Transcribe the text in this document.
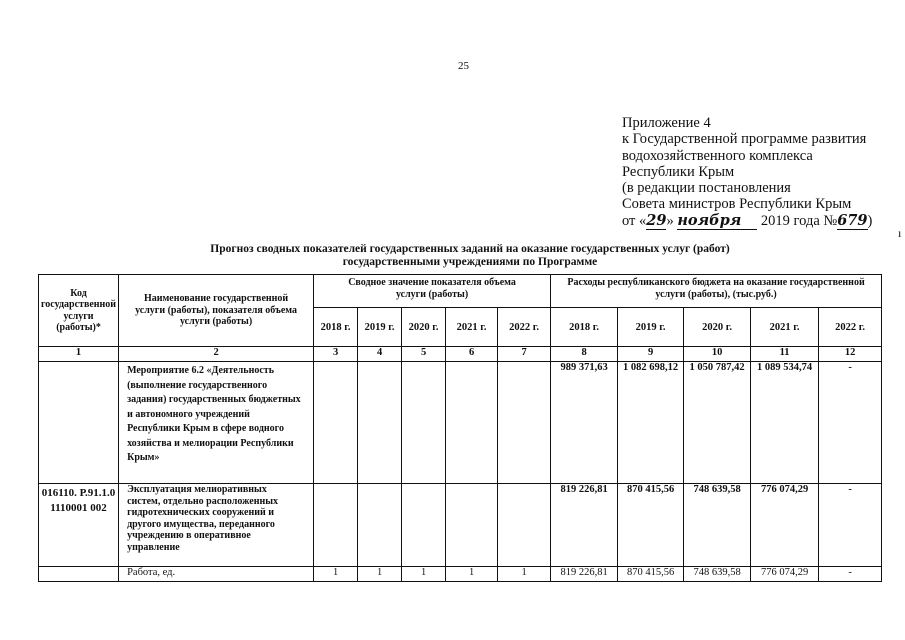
25
Приложение 4
к Государственной программе развития
водохозяйственного комплекса
Республики Крым
(в редакции постановления
Совета министров Республики Крым
от «29» ноября 2019 года №679)
ı
Прогноз сводных показателей государственных заданий на оказание государственных услуг (работ)
государственными учреждениями по Программе
Код государственной услуги (работы)*	Наименование государственной услуги (работы), показателя объема услуги (работы)	Сводное значение показателя объема услуги (работы)					Расходы республиканского бюджета на оказание государственной услуги (работы), (тыс.руб.)				
		2018 г.	2019 г.	2020 г.	2021 г.	2022 г.	2018 г.	2019 г.	2020 г.	2021 г.	2022 г.
1	2	3	4	5	6	7	8	9	10	11	12
	Мероприятие 6.2 «Деятельность (выполнение государственного задания) государственных бюджетных и автономного учреждений Республики Крым в сфере водного хозяйства и мелиорации Республики Крым»						989 371,63	1 082 698,12	1 050 787,42	1 089 534,74	-
016110. Р.91.1.0 1110001 002	Эксплуатация мелиоративных систем, отдельно расположенных гидротехнических сооружений и другого имущества, переданного учреждению в оперативное управление						819 226,81	870 415,56	748 639,58	776 074,29	-
	Работа, ед.	1	1	1	1	1	819 226,81	870 415,56	748 639,58	776 074,29	-
